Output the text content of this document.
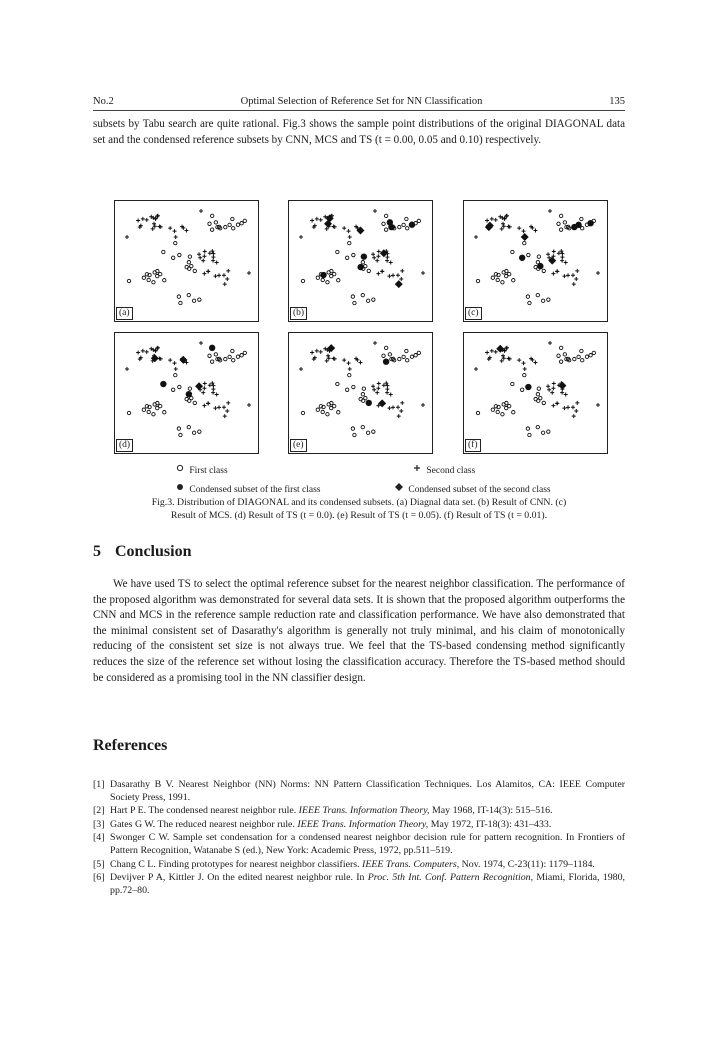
No.2	Optimal Selection of Reference Set for NN Classification	135

subsets by Tabu search are quite rational. Fig.3 shows the sample point distributions of the original DIAGONAL data set and the condensed reference subsets by CNN, MCS and TS (t = 0.00, 0.05 and 0.10) respectively.

(a)	(b)	(c)
(d)	(e)	(f)
First class	Second class
Condensed subset of the first class	Condensed subset of the second class
Fig.3. Distribution of DIAGONAL and its condensed subsets. (a) Diagnal data set. (b) Result of CNN. (c)
Result of MCS. (d) Result of TS (t = 0.0). (e) Result of TS (t = 0.05). (f) Result of TS (t = 0.01).
5 Conclusion

We have used TS to select the optimal reference subset for the nearest neighbor classification. The performance of the proposed algorithm was demonstrated for several data sets. It is shown that the proposed algorithm outperforms the CNN and MCS in the reference sample reduction rate and classification performance. We have also demonstrated that the minimal consistent set of Dasarathy's algorithm is generally not truly minimal, and his claim of monotonically reducing of the consistent set size is not always true. We feel that the TS-based condensing method significantly reduces the size of the reference set without losing the classification accuracy. Therefore the TS-based method should be considered as a promising tool in the NN classifier design.

References
[1] Dasarathy B V. Nearest Neighbor (NN) Norms: NN Pattern Classification Techniques. Los Alamitos, CA: IEEE Computer Society Press, 1991.
[2] Hart P E. The condensed nearest neighbor rule. IEEE Trans. Information Theory, May 1968, IT-14(3): 515–516.
[3] Gates G W. The reduced nearest neighbor rule. IEEE Trans. Information Theory, May 1972, IT-18(3): 431–433.
[4] Swonger C W. Sample set condensation for a condensed nearest neighbor decision rule for pattern recognition. In Frontiers of Pattern Recognition, Watanabe S (ed.), New York: Academic Press, 1972, pp.511–519.
[5] Chang C L. Finding prototypes for nearest neighbor classifiers. IEEE Trans. Computers, Nov. 1974, C-23(11): 1179–1184.
[6] Devijver P A, Kittler J. On the edited nearest neighbor rule. In Proc. 5th Int. Conf. Pattern Recognition, Miami, Florida, 1980, pp.72–80.
